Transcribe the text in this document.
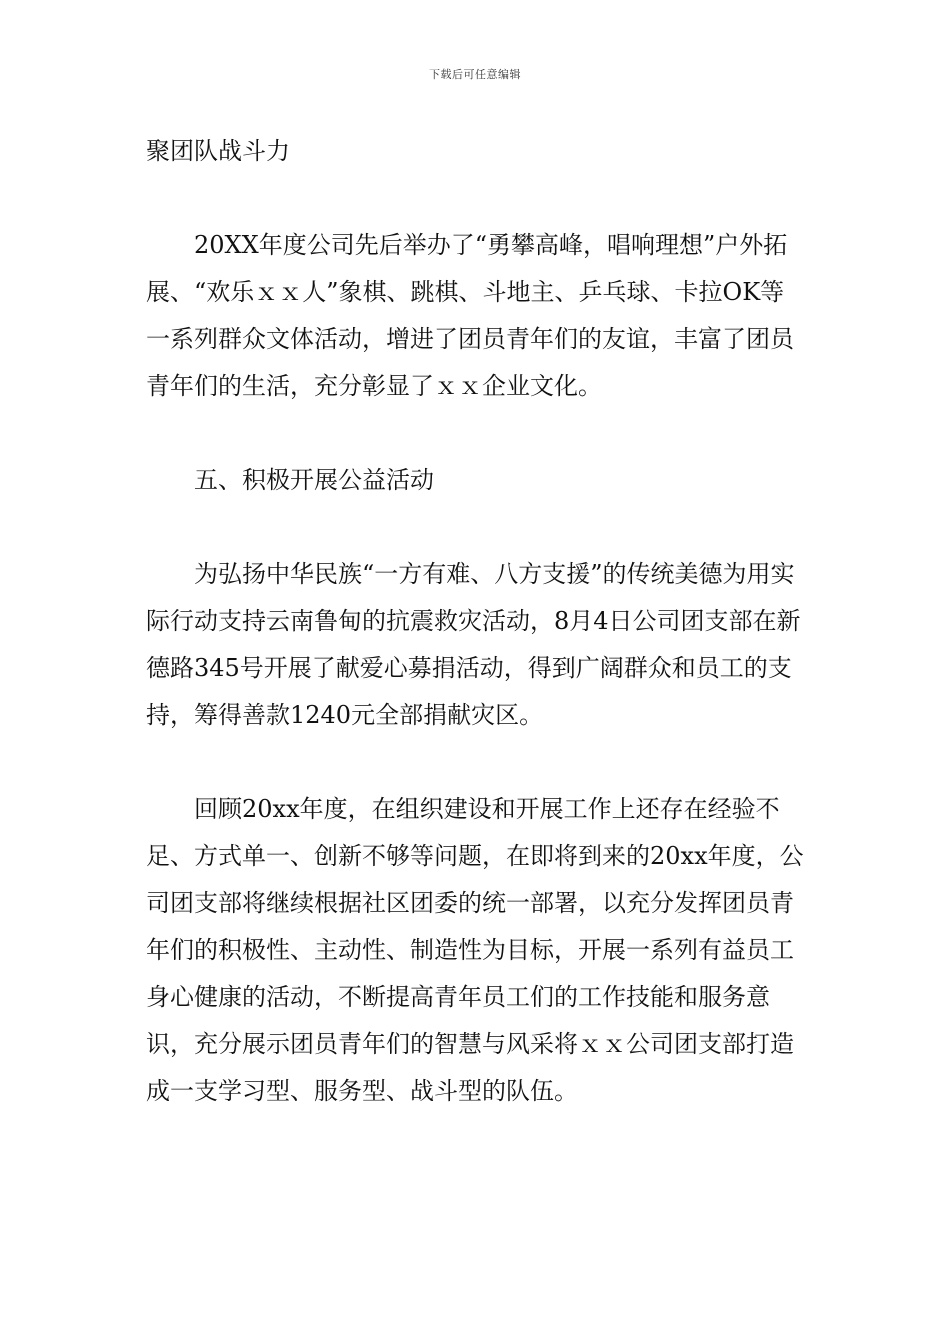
下载后可任意编辑

聚团队战斗力

20XX年度公司先后举办了“勇攀高峰，唱响理想”户外拓展、“欢乐ｘｘ人”象棋、跳棋、斗地主、乒乓球、卡拉OK等一系列群众文体活动，增进了团员青年们的友谊，丰富了团员青年们的生活，充分彰显了ｘｘ企业文化。

五、积极开展公益活动

为弘扬中华民族“一方有难、八方支援”的传统美德为用实际行动支持云南鲁甸的抗震救灾活动，8月4日公司团支部在新德路345号开展了献爱心募捐活动，得到广阔群众和员工的支持，筹得善款1240元全部捐献灾区。

回顾20xx年度，在组织建设和开展工作上还存在经验不足、方式单一、创新不够等问题，在即将到来的20xx年度，公司团支部将继续根据社区团委的统一部署，以充分发挥团员青年们的积极性、主动性、制造性为目标，开展一系列有益员工身心健康的活动，不断提高青年员工们的工作技能和服务意识，充分展示团员青年们的智慧与风采将ｘｘ公司团支部打造成一支学习型、服务型、战斗型的队伍。
